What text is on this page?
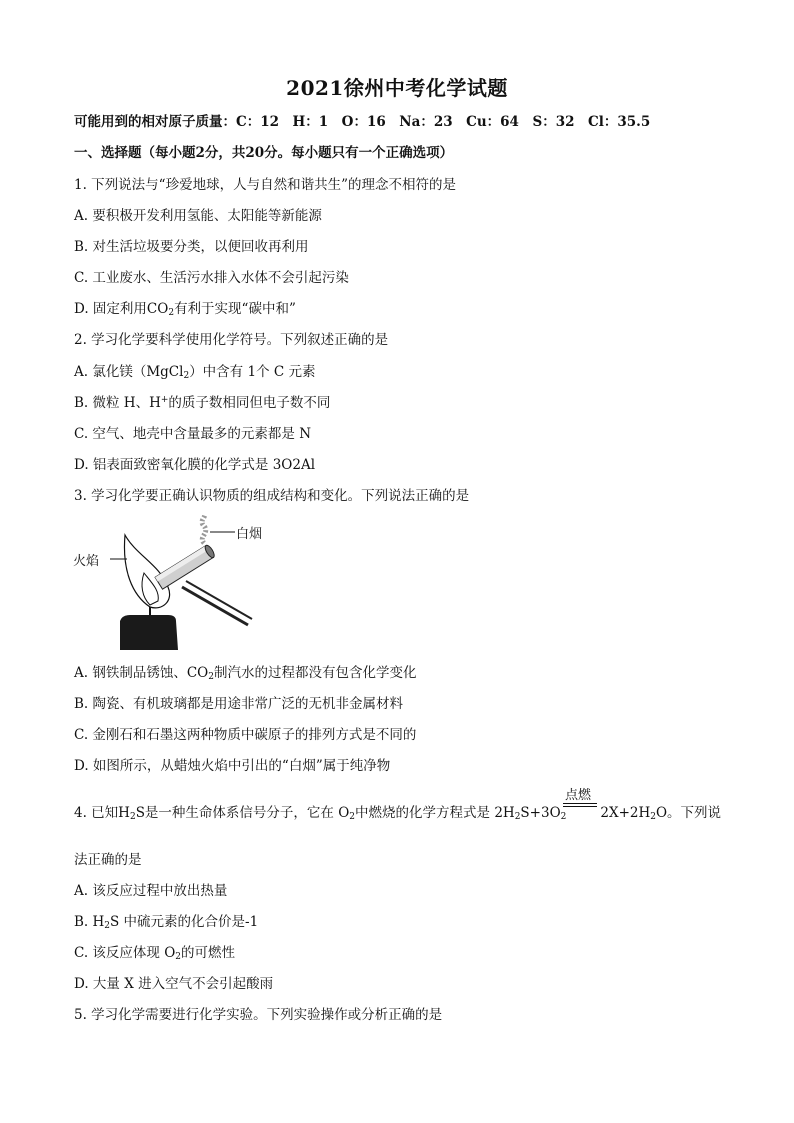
2021徐州中考化学试题
可能用到的相对原子质量：C：12　H：1　O：16　Na：23　Cu：64　S：32　Cl：35.5
一、选择题（每小题2分，共20分。每小题只有一个正确选项）
1. 下列说法与“珍爱地球，人与自然和谐共生”的理念不相符的是
A. 要积极开发利用氢能、太阳能等新能源
B. 对生活垃圾要分类，以便回收再利用
C. 工业废水、生活污水排入水体不会引起污染
D. 固定利用$CO_2$有利于实现“碳中和”
2. 学习化学要科学使用化学符号。下列叙述正确的是
A. 氯化镁（MgCl$_2$）中含有 1个 C 元素
B. 微粒 H、H+的质子数相同但电子数不同
C. 空气、地壳中含量最多的元素都是 N
D. 铝表面致密氧化膜的化学式是 3O2Al
3. 学习化学要正确认识物质的组成结构和变化。下列说法正确的是
白烟
火焰
A. 钢铁制品锈蚀、$CO_2$制汽水的过程都没有包含化学变化
B. 陶瓷、有机玻璃都是用途非常广泛的无机非金属材料
C. 金刚石和石墨这两种物质中碳原子的排列方式是不同的
D. 如图所示，从蜡烛火焰中引出的“白烟”属于纯净物
4. 已知$H_2S$是一种生命体系信号分子，它在 $O_2$中燃烧的化学方程式是 $2H_2S+3O_2$	$2X+2H_2O$。下列说
点燃
法正确的是
A. 该反应过程中放出热量
B. $H_2S$ 中硫元素的化合价是-1
C. 该反应体现 $O_2$的可燃性
D. 大量 X 进入空气不会引起酸雨
5. 学习化学需要进行化学实验。下列实验操作或分析正确的是
